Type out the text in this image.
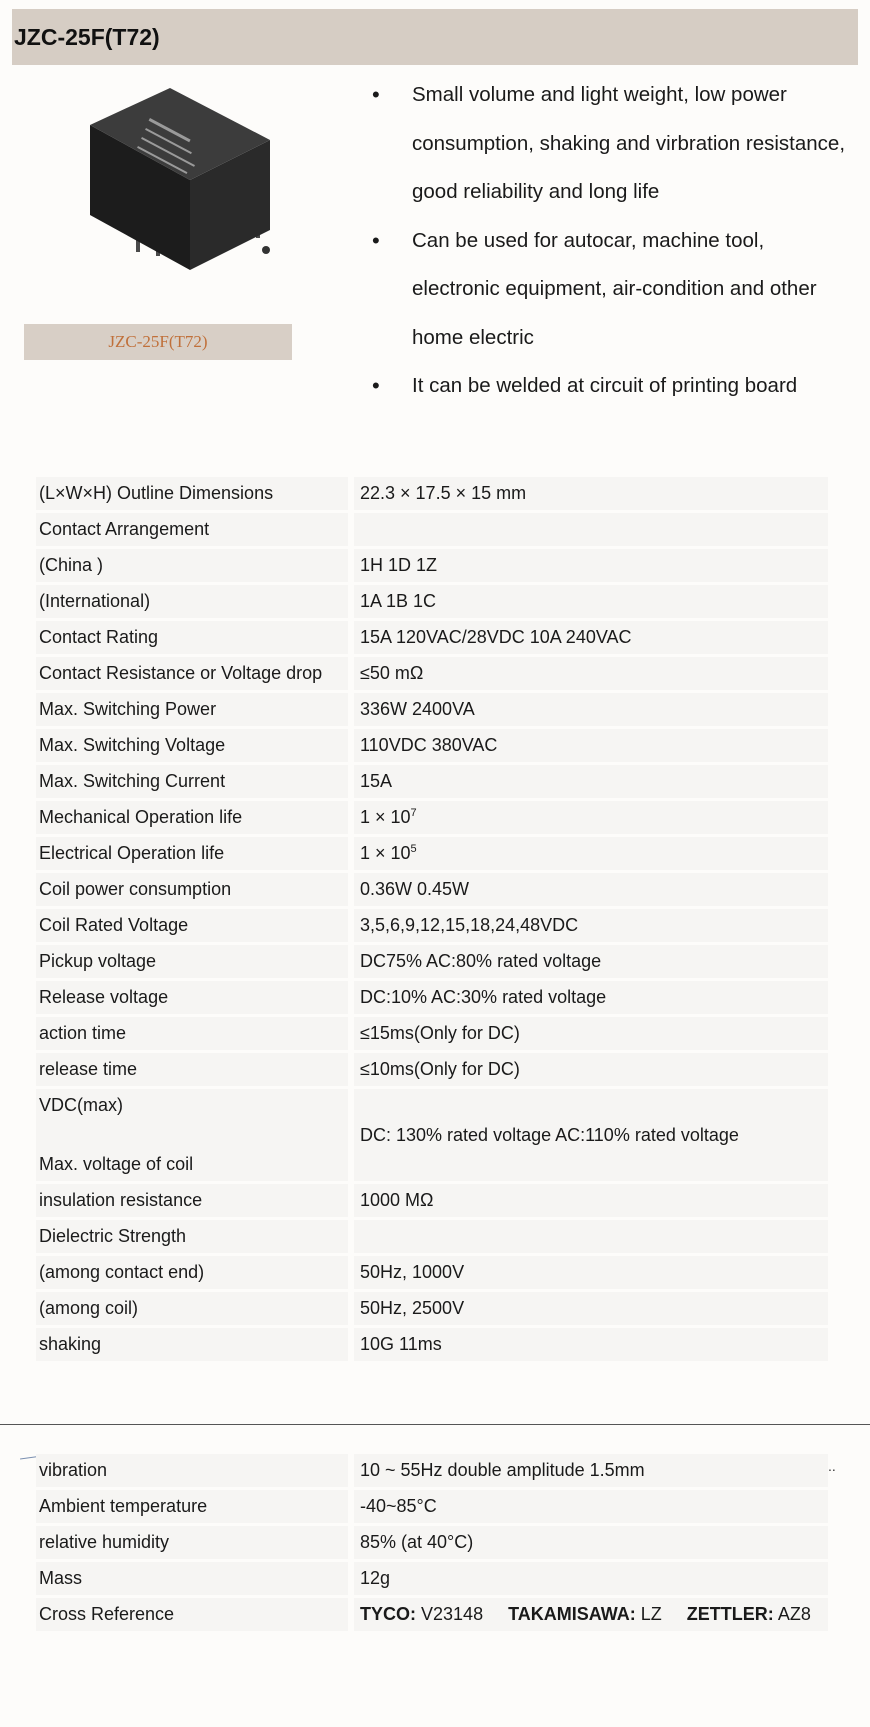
JZC-25F(T72)
JZC-25F(T72)
• Small volume and light weight, low power consumption, shaking and virbration resistance, good reliability and long life
• Can be used for autocar, machine tool, electronic equipment, air-condition and other home electric
• It can be welded at circuit of printing board
(L×W×H) Outline Dimensions	22.3 × 17.5 × 15 mm
Contact Arrangement	
(China )	1H 1D 1Z
(International)	1A 1B 1C
Contact Rating	15A 120VAC/28VDC 10A 240VAC
Contact Resistance or Voltage drop	≤50 mΩ
Max. Switching Power	336W 2400VA
Max. Switching Voltage	110VDC 380VAC
Max. Switching Current	15A
Mechanical Operation life	$1 \times 10^7$
Electrical Operation life	$1 \times 10^5$
Coil power consumption	0.36W 0.45W
Coil Rated Voltage	3,5,6,9,12,15,18,24,48VDC
Pickup voltage	DC75% AC:80% rated voltage
Release voltage	DC:10% AC:30% rated voltage
action time	≤15ms(Only for DC)
release time	≤10ms(Only for DC)

VDC(max)
Max. voltage of coil	DC: 130% rated voltage AC:110% rated voltage
insulation resistance	1000 MΩ
Dielectric Strength	
(among contact end)	50Hz, 1000V
(among coil)	50Hz, 2500V
shaking	10G 11ms
..
vibration	10 ~ 55Hz double amplitude 1.5mm
Ambient temperature	-40~85°C
relative humidity	85% (at 40°C)
Mass	12g
Cross Reference	TYCO: V23148 TAKAMISAWA: LZ ZETTLER: AZ8
